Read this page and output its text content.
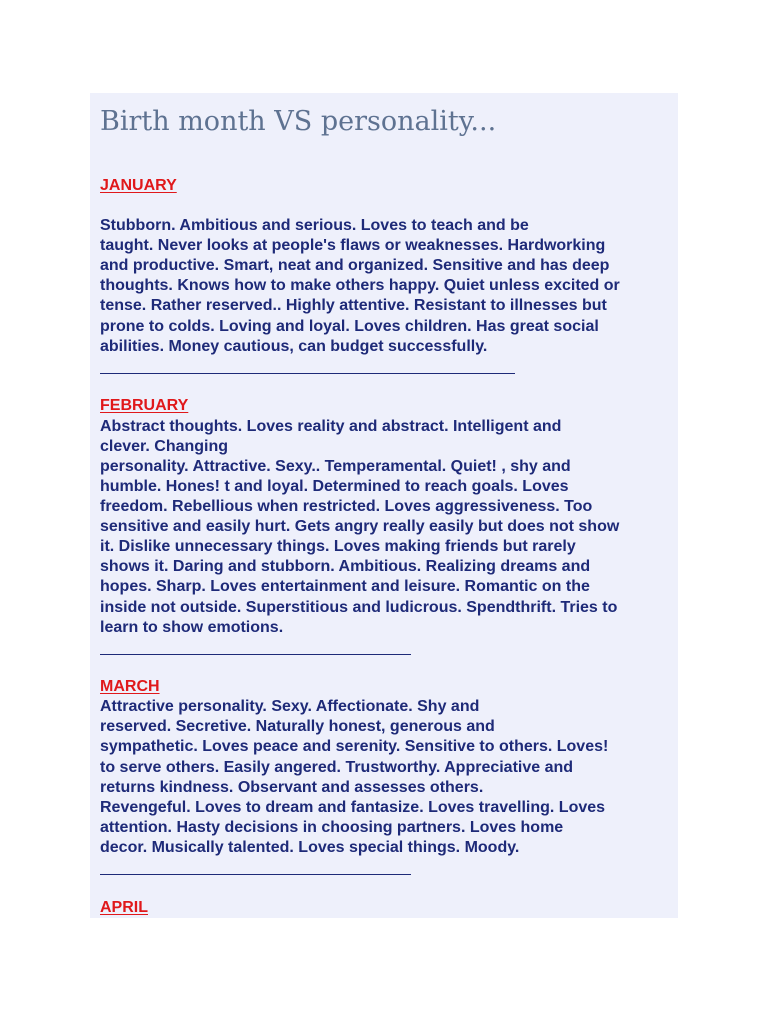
Birth month VS personality...
JANUARY
Stubborn. Ambitious and serious. Loves to teach and be
taught. Never looks at people's flaws or weaknesses. Hardworking
and productive. Smart, neat and organized. Sensitive and has deep
thoughts. Knows how to make others happy. Quiet unless excited or
tense. Rather reserved.. Highly attentive. Resistant to illnesses but
prone to colds. Loving and loyal. Loves children. Has great social
abilities. Money cautious, can budget successfully.
FEBRUARY
Abstract thoughts. Loves reality and abstract. Intelligent and
clever. Changing
personality. Attractive. Sexy.. Temperamental. Quiet! , shy and
humble. Hones! t and loyal. Determined to reach goals. Loves
freedom. Rebellious when restricted. Loves aggressiveness. Too
sensitive and easily hurt. Gets angry really easily but does not show
it. Dislike unnecessary things. Loves making friends but rarely
shows it. Daring and stubborn. Ambitious. Realizing dreams and
hopes. Sharp. Loves entertainment and leisure. Romantic on the
inside not outside. Superstitious and ludicrous. Spendthrift. Tries to
learn to show emotions.
MARCH
Attractive personality. Sexy. Affectionate. Shy and
reserved. Secretive. Naturally honest, generous and
sympathetic. Loves peace and serenity. Sensitive to others. Loves!
to serve others. Easily angered. Trustworthy. Appreciative and
returns kindness. Observant and assesses others.
Revengeful. Loves to dream and fantasize. Loves travelling. Loves
attention. Hasty decisions in choosing partners. Loves home
decor. Musically talented. Loves special things. Moody.
APRIL
